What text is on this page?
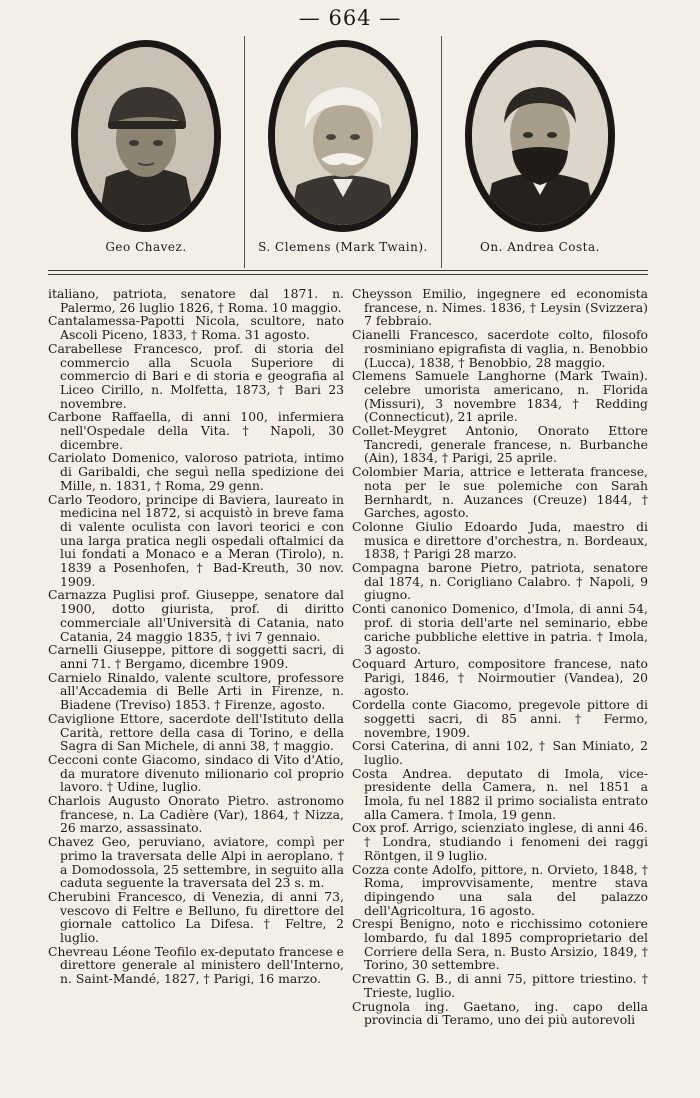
— 664 —
Geo Chavez.	S. Clemens (Mark Twain).	On. Andrea Costa.

italiano, patriota, senatore dal 1871. n. Palermo, 26 luglio 1826, † Roma. 10 maggio.

Cantalamessa-Papotti Nicola, scultore, nato Ascoli Piceno, 1833, † Roma. 31 agosto.

Carabellese Francesco, prof. di storia del commercio alla Scuola Superiore di commercio di Bari e di storia e geografia al Liceo Cirillo, n. Molfetta, 1873, † Bari 23 novembre.

Carbone Raffaella, di anni 100, infermiera nell'Ospedale della Vita. † Napoli, 30 dicembre.

Cariolato Domenico, valoroso patriota, intimo di Garibaldi, che seguì nella spedizione dei Mille, n. 1831, † Roma, 29 genn.

Carlo Teodoro, principe di Baviera, laureato in medicina nel 1872, si acquistò in breve fama di valente oculista con lavori teorici e con una larga pratica negli ospedali oftalmici da lui fondati a Monaco e a Meran (Tirolo), n. 1839 a Posenhofen, † Bad-Kreuth, 30 nov. 1909.

Carnazza Puglisi prof. Giuseppe, senatore dal 1900, dotto giurista, prof. di diritto commerciale all'Università di Catania, nato Catania, 24 maggio 1835, † ivi 7 gennaio.

Carnelli Giuseppe, pittore di soggetti sacri, di anni 71. † Bergamo, dicembre 1909.

Carnielo Rinaldo, valente scultore, professore all'Accademia di Belle Arti in Firenze, n. Biadene (Treviso) 1853. † Firenze, agosto.

Caviglione Ettore, sacerdote dell'Istituto della Carità, rettore della casa di Torino, e della Sagra di San Michele, di anni 38, † maggio.

Cecconi conte Giacomo, sindaco di Vito d'Atio, da muratore divenuto milionario col proprio lavoro. † Udine, luglio.

Charlois Augusto Onorato Pietro. astronomo francese, n. La Cadière (Var), 1864, † Nizza, 26 marzo, assassinato.

Chavez Geo, peruviano, aviatore, compì per primo la traversata delle Alpi in aeroplano. † a Domodossola, 25 settembre, in seguito alla caduta seguente la traversata del 23 s. m.

Cherubini Francesco, di Venezia, di anni 73, vescovo di Feltre e Belluno, fu direttore del giornale cattolico La Difesa. † Feltre, 2 luglio.

Chevreau Léone Teofilo ex-deputato francese e direttore generale al ministero dell'Interno, n. Saint-Mandé, 1827, † Parigi, 16 marzo.

Cheysson Emilio, ingegnere ed economista francese, n. Nimes. 1836, † Leysin (Svizzera) 7 febbraio.

Cianelli Francesco, sacerdote colto, filosofo rosminiano epigrafista di vaglia, n. Benobbio (Lucca), 1838, † Benobbio, 28 maggio.

Clemens Samuele Langhorne (Mark Twain). celebre umorista americano, n. Florida (Missuri), 3 novembre 1834, † Redding (Connecticut), 21 aprile.

Collet-Meygret Antonio, Onorato Ettore Tancredi, generale francese, n. Burbanche (Ain), 1834, † Parigi, 25 aprile.

Colombier Maria, attrice e letterata francese, nota per le sue polemiche con Sarah Bernhardt, n. Auzances (Creuze) 1844, † Garches, agosto.

Colonne Giulio Edoardo Juda, maestro di musica e direttore d'orchestra, n. Bordeaux, 1838, † Parigi 28 marzo.

Compagna barone Pietro, patriota, senatore dal 1874, n. Corigliano Calabro. † Napoli, 9 giugno.

Conti canonico Domenico, d'Imola, di anni 54, prof. di storia dell'arte nel seminario, ebbe cariche pubbliche elettive in patria. † Imola, 3 agosto.

Coquard Arturo, compositore francese, nato Parigi, 1846, † Noirmoutier (Vandea), 20 agosto.

Cordella conte Giacomo, pregevole pittore di soggetti sacri, di 85 anni. † Fermo, novembre, 1909.

Corsi Caterina, di anni 102, † San Miniato, 2 luglio.

Costa Andrea. deputato di Imola, vice-presidente della Camera, n. nel 1851 a Imola, fu nel 1882 il primo socialista entrato alla Camera. † Imola, 19 genn.

Cox prof. Arrigo, scienziato inglese, di anni 46. † Londra, studiando i fenomeni dei raggi Röntgen, il 9 luglio.

Cozza conte Adolfo, pittore, n. Orvieto, 1848, † Roma, improvvisamente, mentre stava dipingendo una sala del palazzo dell'Agricoltura, 16 agosto.

Crespi Benigno, noto e ricchissimo cotoniere lombardo, fu dal 1895 comproprietario del Corriere della Sera, n. Busto Arsizio, 1849, † Torino, 30 settembre.

Crevattin G. B., di anni 75, pittore triestino. † Trieste, luglio.

Crugnola ing. Gaetano, ing. capo della provincia di Teramo, uno dei più autorevoli
